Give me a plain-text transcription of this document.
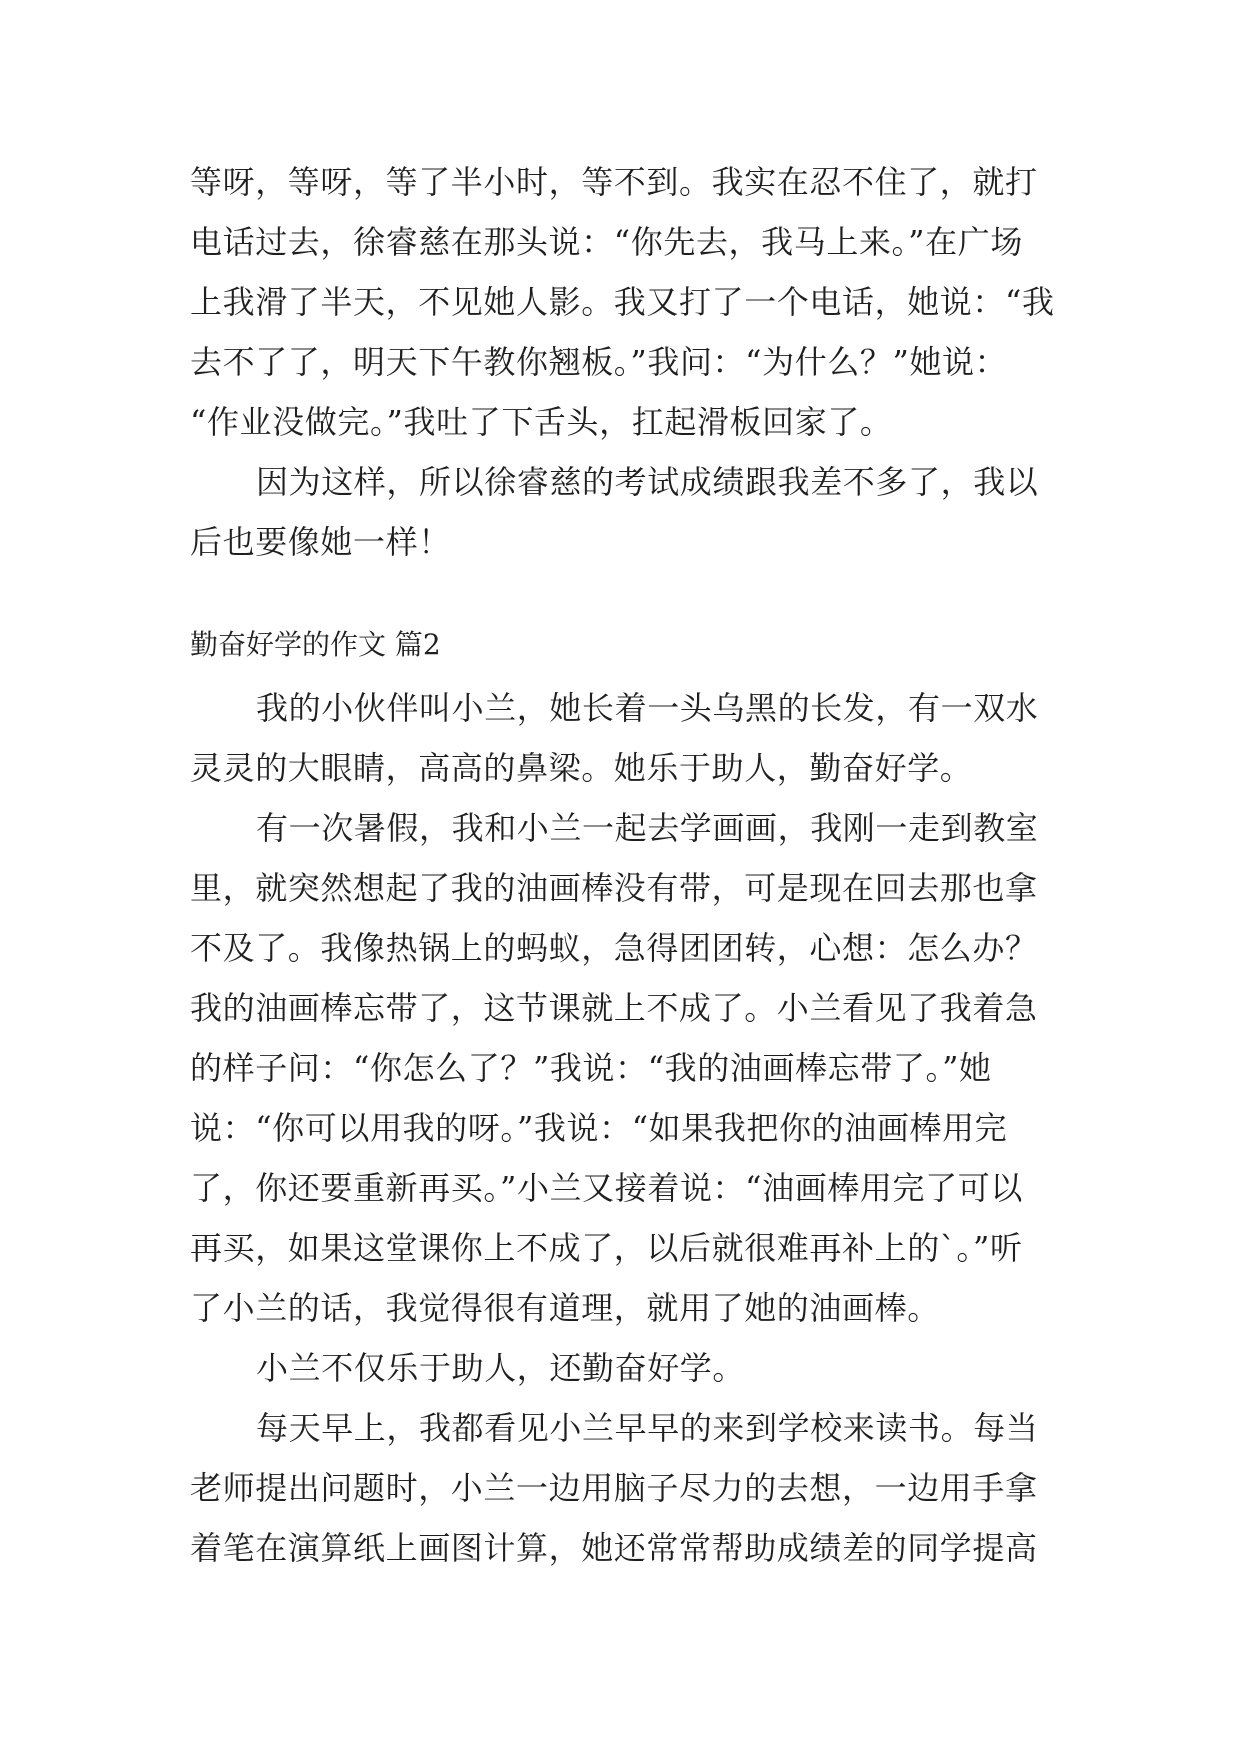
等呀，等呀，等了半小时，等不到。我实在忍不住了，就打
电话过去，徐睿慈在那头说：“你先去，我马上来。”在广场
上我滑了半天，不见她人影。我又打了一个电话，她说：“我
去不了了，明天下午教你翘板。”我问：“为什么？”她说：
“作业没做完。”我吐了下舌头，扛起滑板回家了。
因为这样，所以徐睿慈的考试成绩跟我差不多了，我以
后也要像她一样！
勤奋好学的作文 篇2
我的小伙伴叫小兰，她长着一头乌黑的长发，有一双水
灵灵的大眼睛，高高的鼻梁。她乐于助人，勤奋好学。
有一次暑假，我和小兰一起去学画画，我刚一走到教室
里，就突然想起了我的油画棒没有带，可是现在回去那也拿
不及了。我像热锅上的蚂蚁，急得团团转，心想：怎么办？
我的油画棒忘带了，这节课就上不成了。小兰看见了我着急
的样子问：“你怎么了？”我说：“我的油画棒忘带了。”她
说：“你可以用我的呀。”我说：“如果我把你的油画棒用完
了，你还要重新再买。”小兰又接着说：“油画棒用完了可以
再买，如果这堂课你上不成了，以后就很难再补上的`。”听
了小兰的话，我觉得很有道理，就用了她的油画棒。
小兰不仅乐于助人，还勤奋好学。
每天早上，我都看见小兰早早的来到学校来读书。每当
老师提出问题时，小兰一边用脑子尽力的去想，一边用手拿
着笔在演算纸上画图计算，她还常常帮助成绩差的同学提高
